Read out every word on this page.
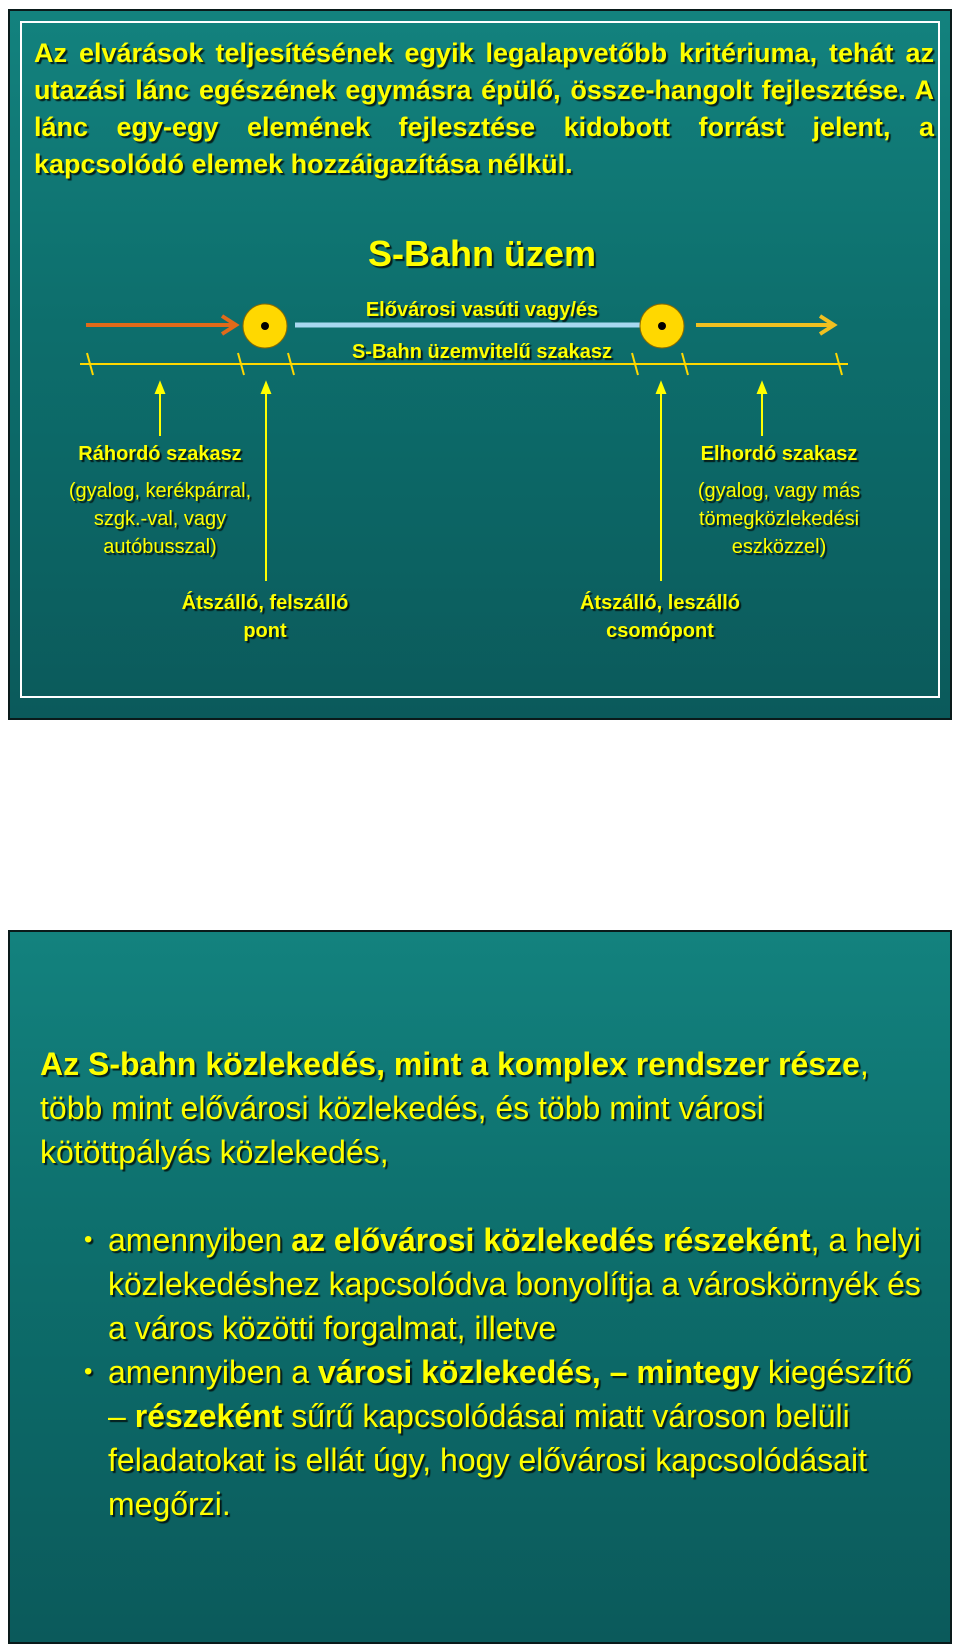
Az elvárások teljesítésének egyik legalapvetőbb kritériuma, tehát az utazási lánc egészének egymásra épülő, össze-hangolt fejlesztése. A lánc egy-egy elemének fejlesztése kidobott forrást jelent, a kapcsolódó elemek hozzáigazítása nélkül.

S-Bahn üzem
Elővárosi vasúti vagy/és
S-Bahn üzemvitelű szakasz
Ráhordó szakasz
(gyalog, kerékpárral, szgk.-val, vagy autóbusszal)
Elhordó szakasz
(gyalog, vagy más tömegközlekedési eszközzel)
Átszálló, felszálló pont
Átszálló, leszálló csomópont

Az S-bahn közlekedés, mint a komplex rendszer része, több mint elővárosi közlekedés, és több mint városi kötöttpályás közlekedés,

• amennyiben az elővárosi közlekedés részeként, a helyi közlekedéshez kapcsolódva bonyolítja a városkörnyék és a város közötti forgalmat, illetve
• amennyiben a városi közlekedés, – mintegy kiegészítő – részeként sűrű kapcsolódásai miatt városon belüli feladatokat is ellát úgy, hogy elővárosi kapcsolódásait megőrzi.
